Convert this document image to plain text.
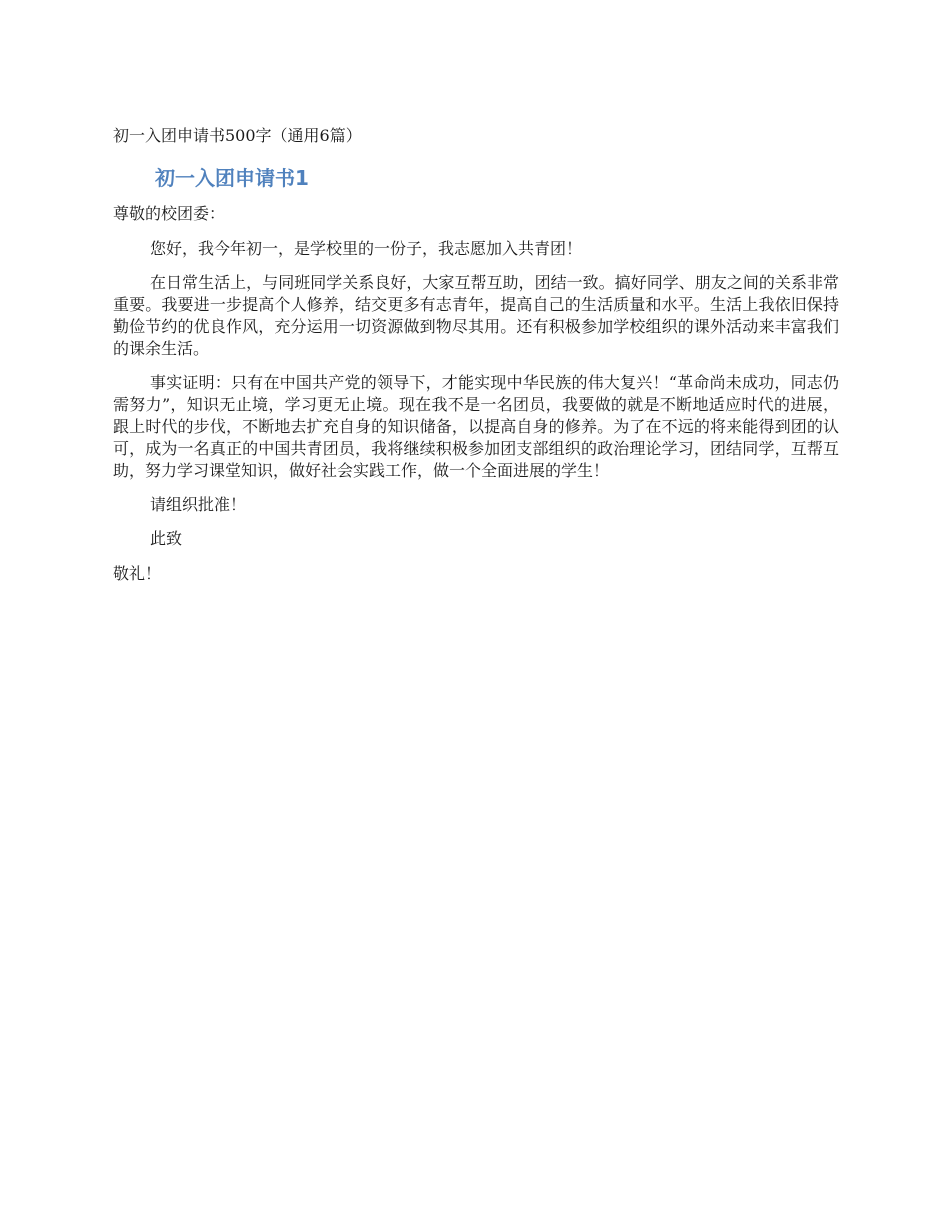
初一入团申请书500字（通用6篇）

初一入团申请书1

尊敬的校团委：

您好，我今年初一，是学校里的一份子，我志愿加入共青团！

在日常生活上，与同班同学关系良好，大家互帮互助，团结一致。搞好同学、朋友之间的关系非常重要。我要进一步提高个人修养，结交更多有志青年，提高自己的生活质量和水平。生活上我依旧保持勤俭节约的优良作风，充分运用一切资源做到物尽其用。还有积极参加学校组织的课外活动来丰富我们的课余生活。

事实证明：只有在中国共产党的领导下，才能实现中华民族的伟大复兴！“革命尚未成功，同志仍需努力”，知识无止境，学习更无止境。现在我不是一名团员，我要做的就是不断地适应时代的进展，跟上时代的步伐，不断地去扩充自身的知识储备，以提高自身的修养。为了在不远的将来能得到团的认可，成为一名真正的中国共青团员，我将继续积极参加团支部组织的政治理论学习，团结同学，互帮互助，努力学习课堂知识，做好社会实践工作，做一个全面进展的学生！

请组织批准！

此致

敬礼！
